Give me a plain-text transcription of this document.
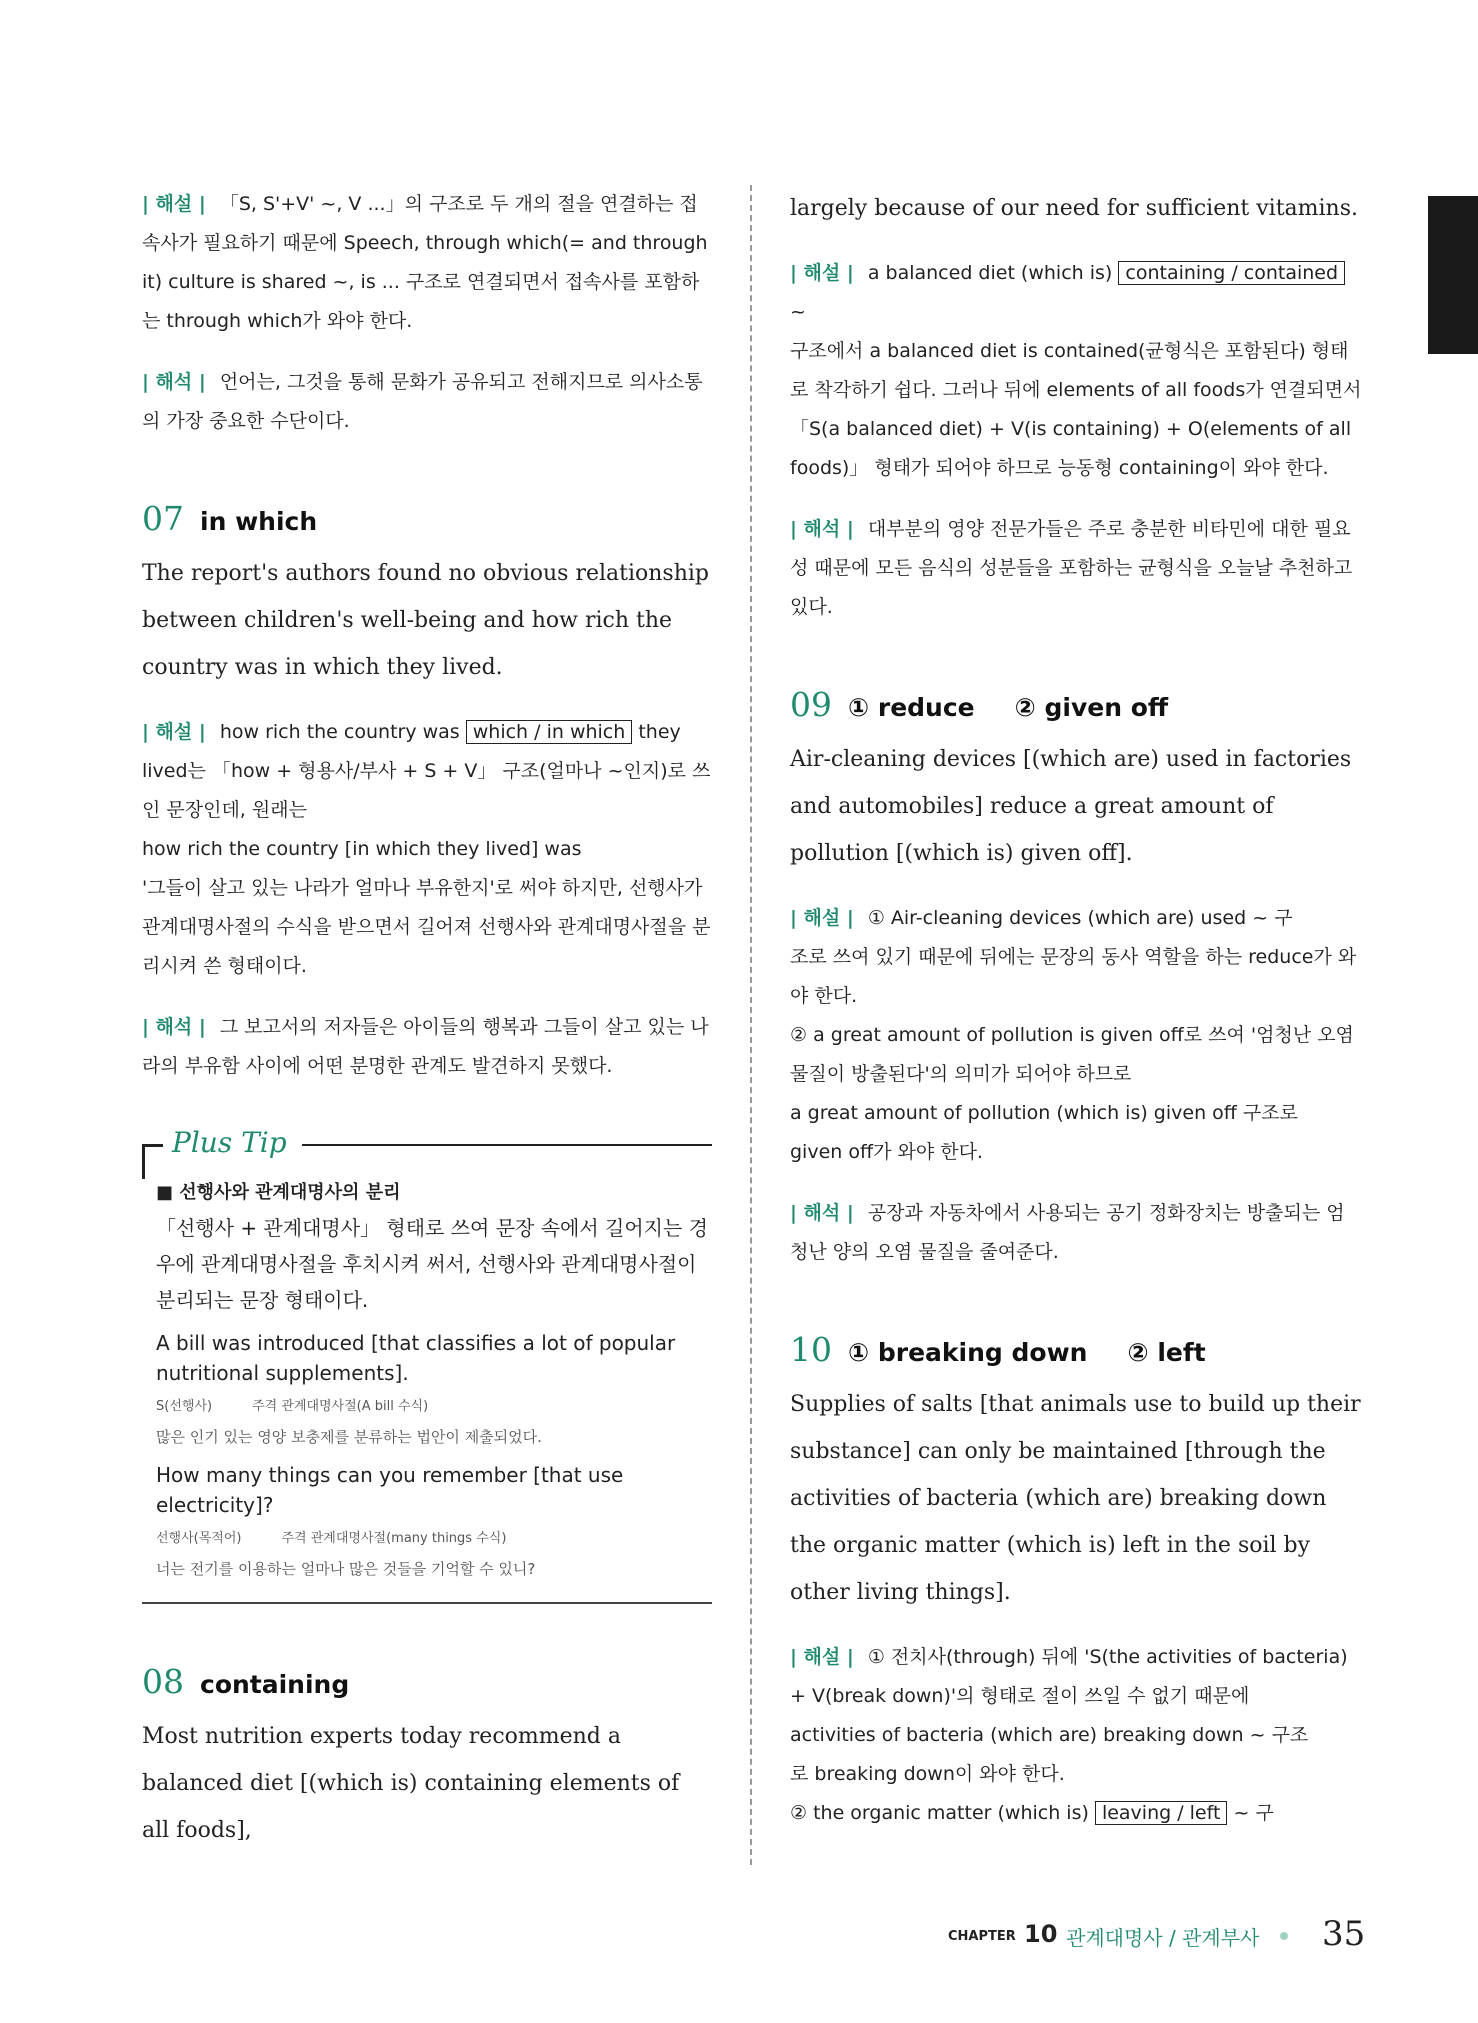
| 해설 | 「S, S'+V' ~, V ...」의 구조로 두 개의 절을 연결하는 접속사가 필요하기 때문에 Speech, through which(= and through it) culture is shared ~, is ... 구조로 연결되면서 접속사를 포함하는 through which가 와야 한다.

| 해석 | 언어는, 그것을 통해 문화가 공유되고 전해지므로 의사소통의 가장 중요한 수단이다.

07 in which

The report's authors found no obvious relationship between children's well-being and how rich the country was in which they lived.

| 해설 | how rich the country was which / in which they lived는 「how + 형용사/부사 + S + V」 구조(얼마나 ~인지)로 쓰인 문장인데, 원래는

how rich the country [in which they lived] was

'그들이 살고 있는 나라가 얼마나 부유한지'로 써야 하지만, 선행사가 관계대명사절의 수식을 받으면서 길어져 선행사와 관계대명사절을 분리시켜 쓴 형태이다.

| 해석 | 그 보고서의 저자들은 아이들의 행복과 그들이 살고 있는 나라의 부유함 사이에 어떤 분명한 관계도 발견하지 못했다.

Plus Tip
■ 선행사와 관계대명사의 분리

「선행사 + 관계대명사」 형태로 쓰여 문장 속에서 길어지는 경우에 관계대명사절을 후치시켜 써서, 선행사와 관계대명사절이 분리되는 문장 형태이다.

A bill was introduced [that classifies a lot of popular nutritional supplements].

S(선행사)	주격 관계대명사절(A bill 수식)
많은 인기 있는 영양 보충제를 분류하는 법안이 제출되었다.

How many things can you remember [that use electricity]?

선행사(목적어)	주격 관계대명사절(many things 수식)
너는 전기를 이용하는 얼마나 많은 것들을 기억할 수 있니?
08 containing

Most nutrition experts today recommend a balanced diet [(which is) containing elements of all foods],

largely because of our need for sufficient vitamins.

| 해설 | a balanced diet (which is) containing / contained ~

구조에서 a balanced diet is contained(균형식은 포함된다) 형태로 착각하기 쉽다. 그러나 뒤에 elements of all foods가 연결되면서 「S(a balanced diet) + V(is containing) + O(elements of all foods)」 형태가 되어야 하므로 능동형 containing이 와야 한다.

| 해석 | 대부분의 영양 전문가들은 주로 충분한 비타민에 대한 필요성 때문에 모든 음식의 성분들을 포함하는 균형식을 오늘날 추천하고 있다.

09 ① reduce ② given off

Air-cleaning devices [(which are) used in factories and automobiles] reduce a great amount of pollution [(which is) given off].

| 해설 | ① Air-cleaning devices (which are) used ~ 구

조로 쓰여 있기 때문에 뒤에는 문장의 동사 역할을 하는 reduce가 와야 한다.

② a great amount of pollution is given off로 쓰여 '엄청난 오염 물질이 방출된다'의 의미가 되어야 하므로

a great amount of pollution (which is) given off 구조로

given off가 와야 한다.

| 해석 | 공장과 자동차에서 사용되는 공기 정화장치는 방출되는 엄청난 양의 오염 물질을 줄여준다.

10 ① breaking down ② left

Supplies of salts [that animals use to build up their substance] can only be maintained [through the activities of bacteria (which are) breaking down the organic matter (which is) left in the soil by other living things].

| 해설 | ① 전치사(through) 뒤에 'S(the activities of bacteria) + V(break down)'의 형태로 절이 쓰일 수 없기 때문에

activities of bacteria (which are) breaking down ~ 구조

로 breaking down이 와야 한다.

② the organic matter (which is) leaving / left ~ 구

CHAPTER 10 관계대명사 / 관계부사 35
